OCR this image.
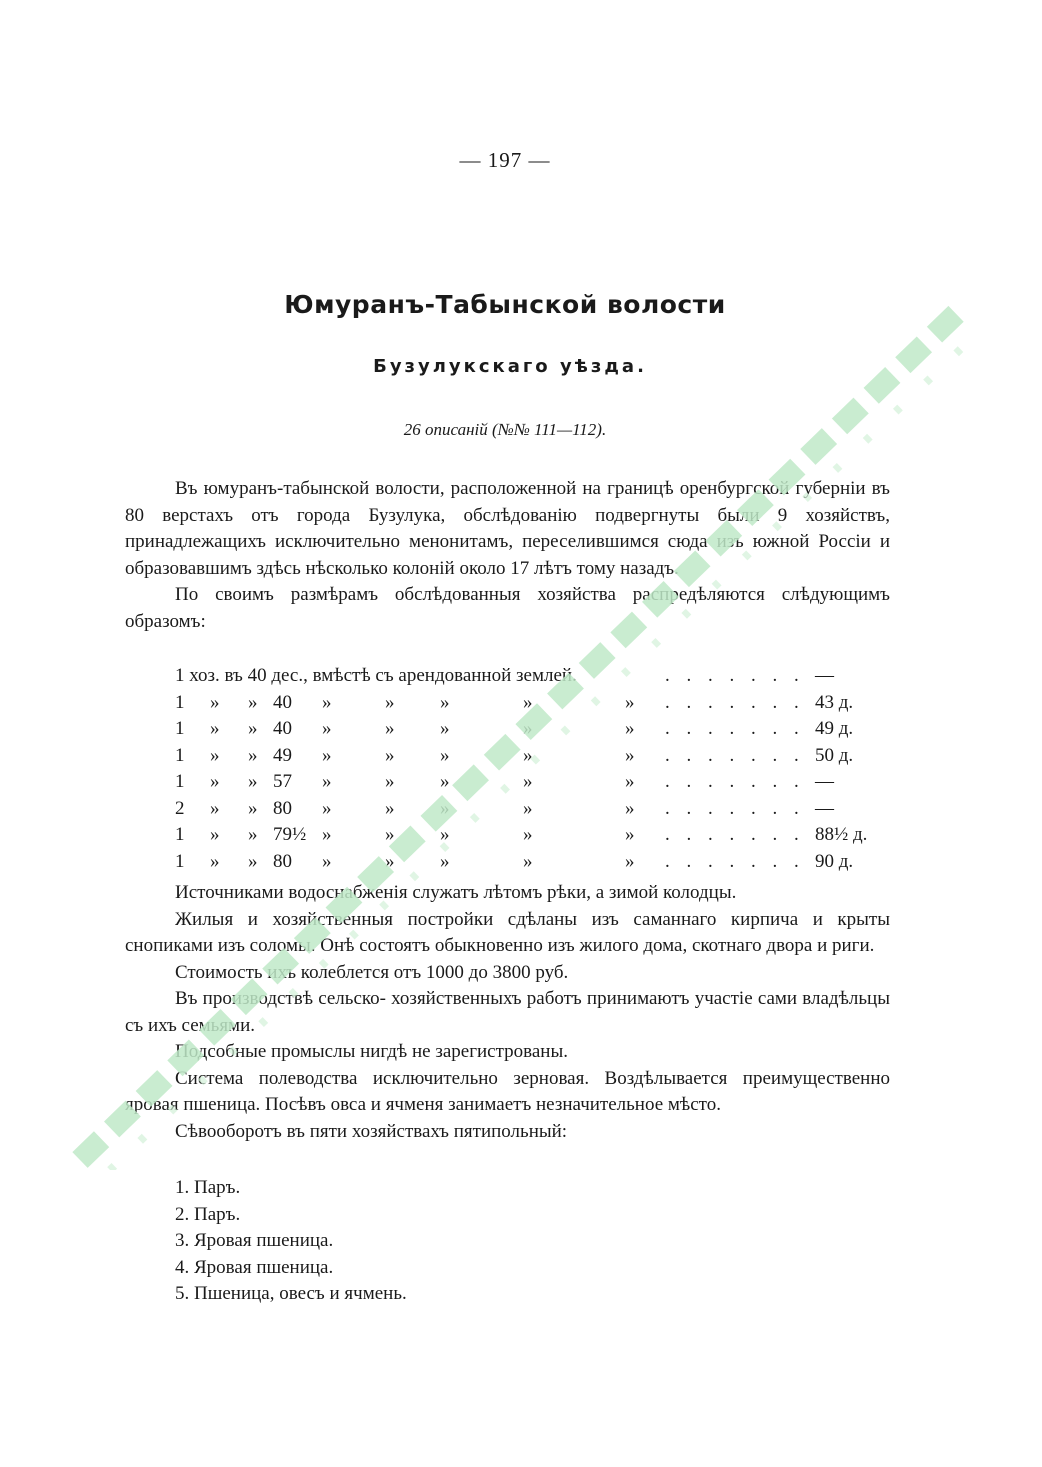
— 197 —
Юмуранъ-Табынской волости
Бузулукскаго уѣзда.
26 описаній (№№ 111—112).

Въ юмуранъ-табынской волости, расположенной на границѣ оренбургской губерніи въ 80 верстахъ отъ города Бузулука, обслѣдованію подвергнуты были 9 хозяйствъ, принадлежащихъ исключительно менонитамъ, переселившимся сюда изъ южной Россіи и образовавшимъ здѣсь нѣсколько колоній около 17 лѣтъ тому назадъ.

По своимъ размѣрамъ обслѣдованныя хозяйства распредѣляются слѣдующимъ образомъ:

1 хоз. въ 40 дес., вмѣстѣ съ арендованной землей.	. . . . . . . —
1 » » 40 »	» »	»	» . . . . . . . 43 д.
1 » » 40 »	» »	»	» . . . . . . . 49 д.
1 » » 49 »	» »	»	» . . . . . . . 50 д.
1 » » 57 »	» »	»	» . . . . . . . —
2 » » 80 »	» »	»	» . . . . . . . —
1 » » 79½ »	» »	»	» . . . . . . . 88½ д.
1 » » 80 »	» »	»	» . . . . . . . 90 д.

Источниками водоснабженія служатъ лѣтомъ рѣки, а зимой колодцы.

Жилыя и хозяйственныя постройки сдѣланы изъ саманнаго кирпича и крыты снопиками изъ соломы. Онѣ состоятъ обыкновенно изъ жилого дома, скотнаго двора и риги.

Стоимость ихъ колеблется отъ 1000 до 3800 руб.

Въ производствѣ сельско- хозяйственныхъ работъ принимаютъ участіе сами владѣльцы съ ихъ семьями.

Подсобные промыслы нигдѣ не зарегистрованы.

Система полеводства исключительно зерновая. Воздѣлывается преимущественно яровая пшеница. Посѣвъ овса и ячменя занимаетъ незначительное мѣсто.

Сѣвооборотъ въ пяти хозяйствахъ пятипольный:

1. Паръ.
2. Паръ.
3. Яровая пшеница.
4. Яровая пшеница.
5. Пшеница, овесъ и ячмень.
